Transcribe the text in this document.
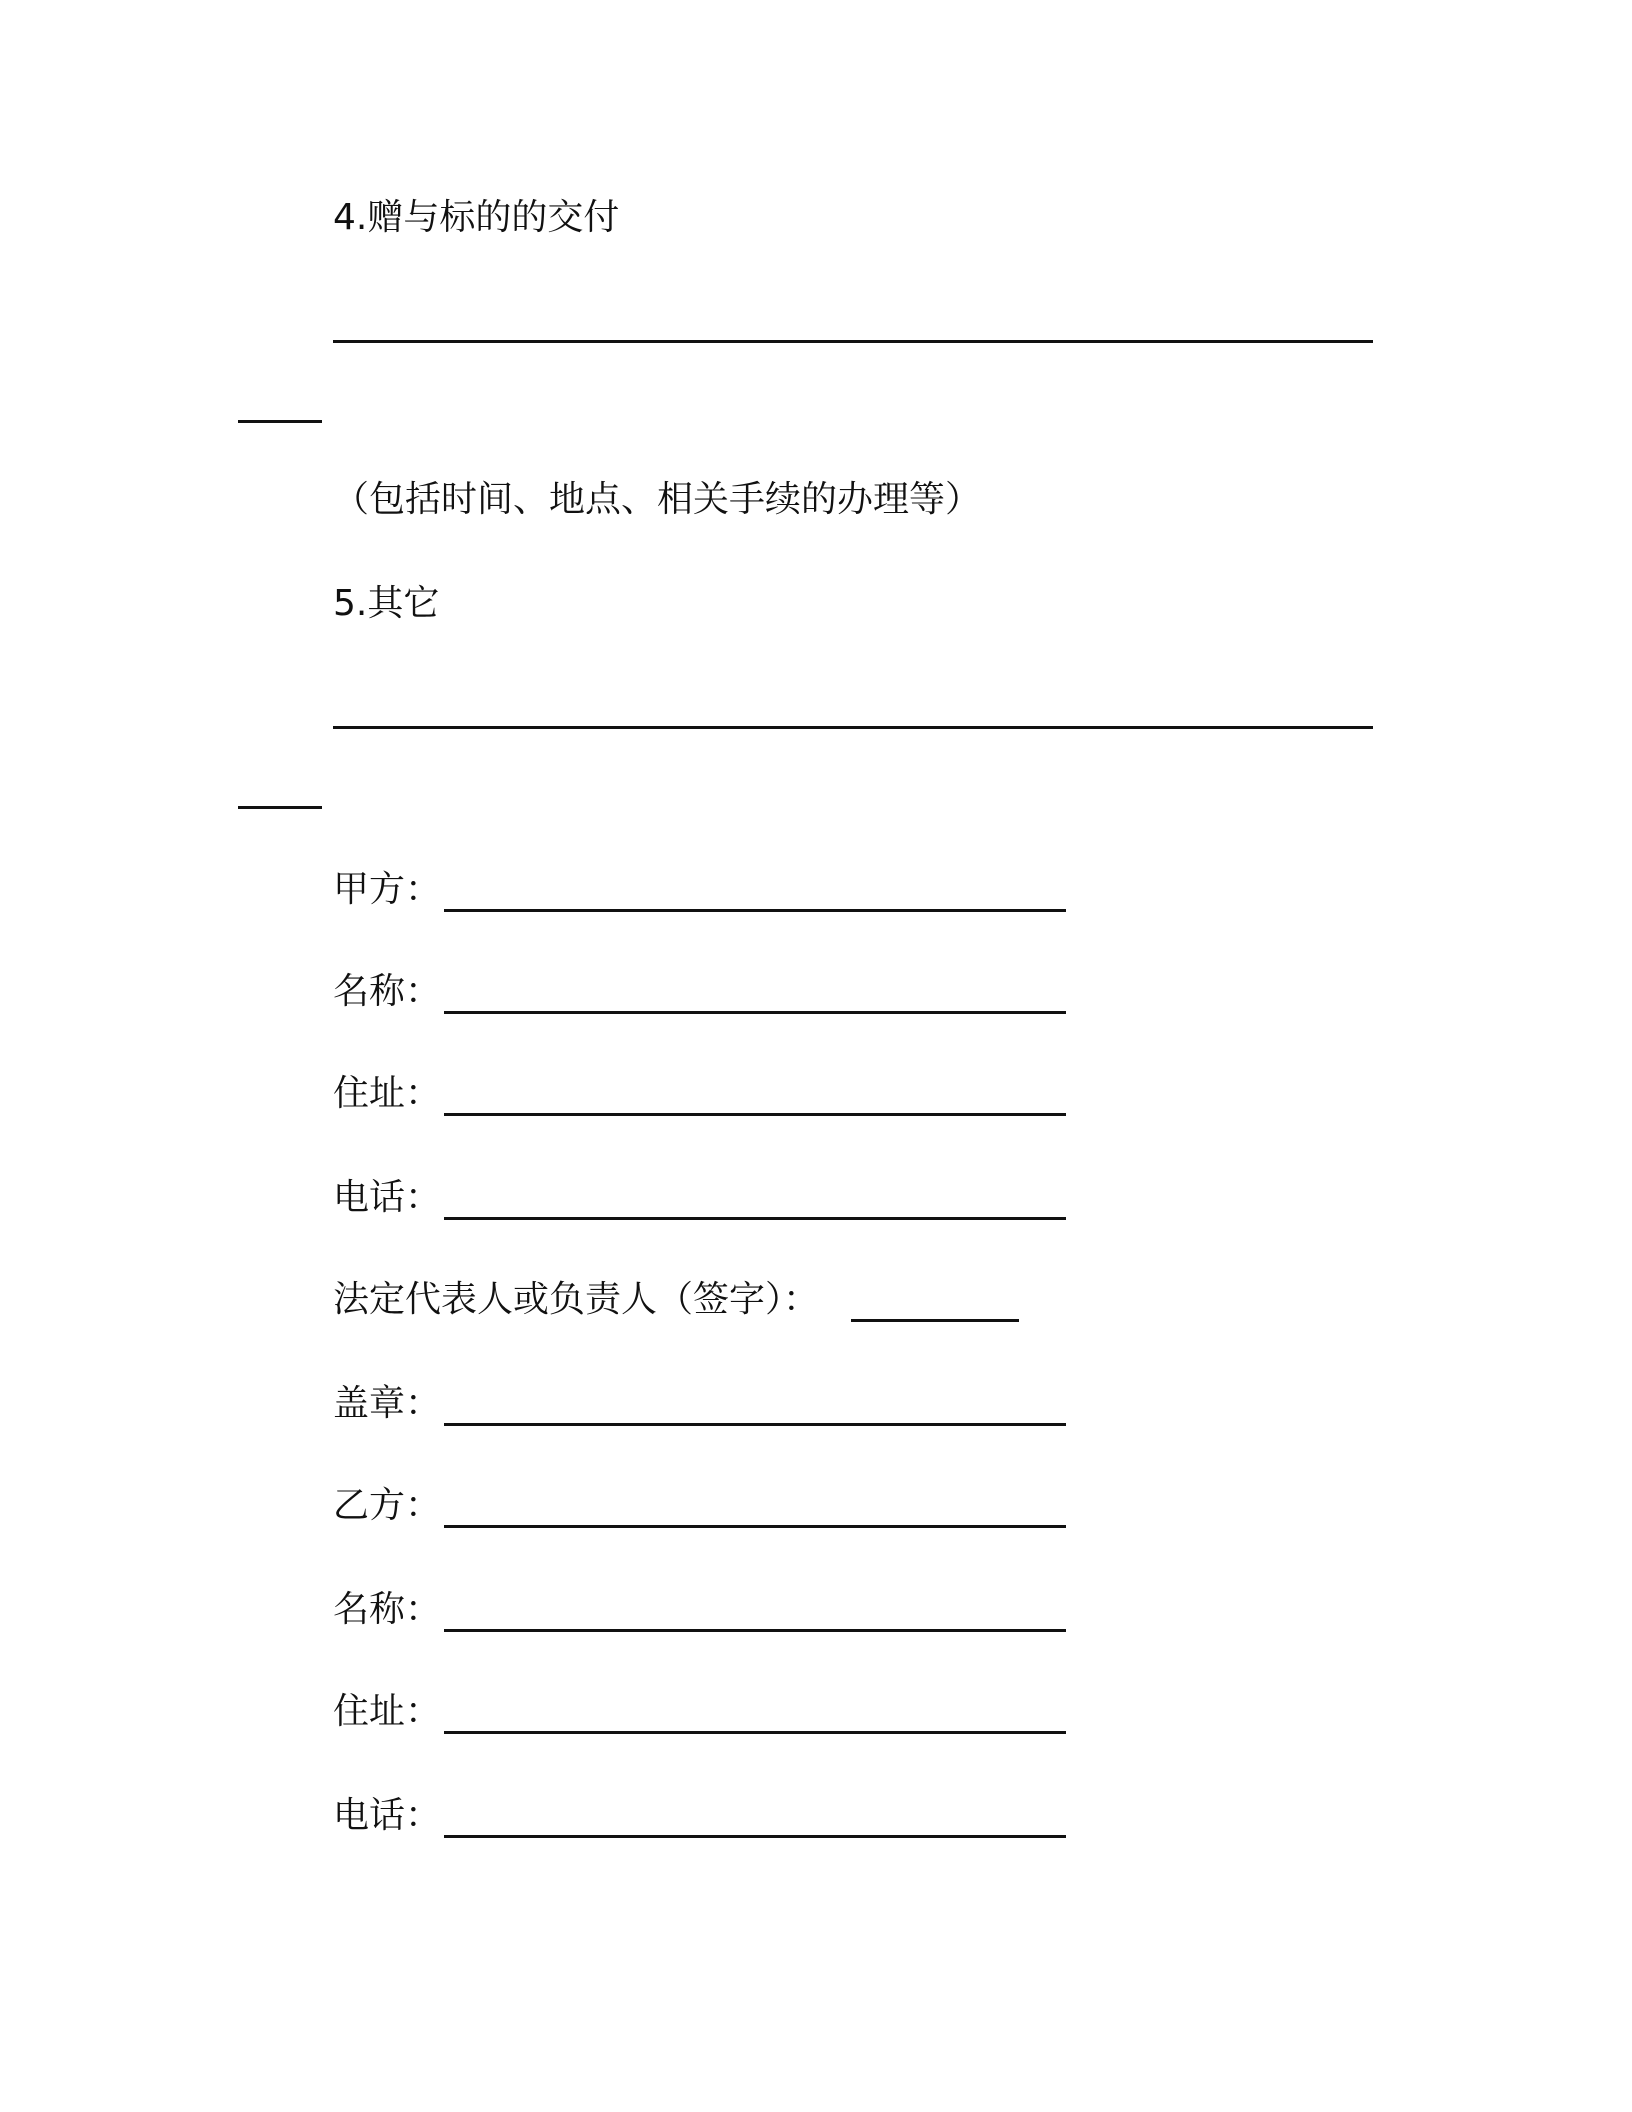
4.赠与标的的交付
（包括时间、地点、相关手续的办理等）
5.其它
甲方：
名称：
住址：
电话：
法定代表人或负责人（签字）：
盖章：
乙方：
名称：
住址：
电话：
